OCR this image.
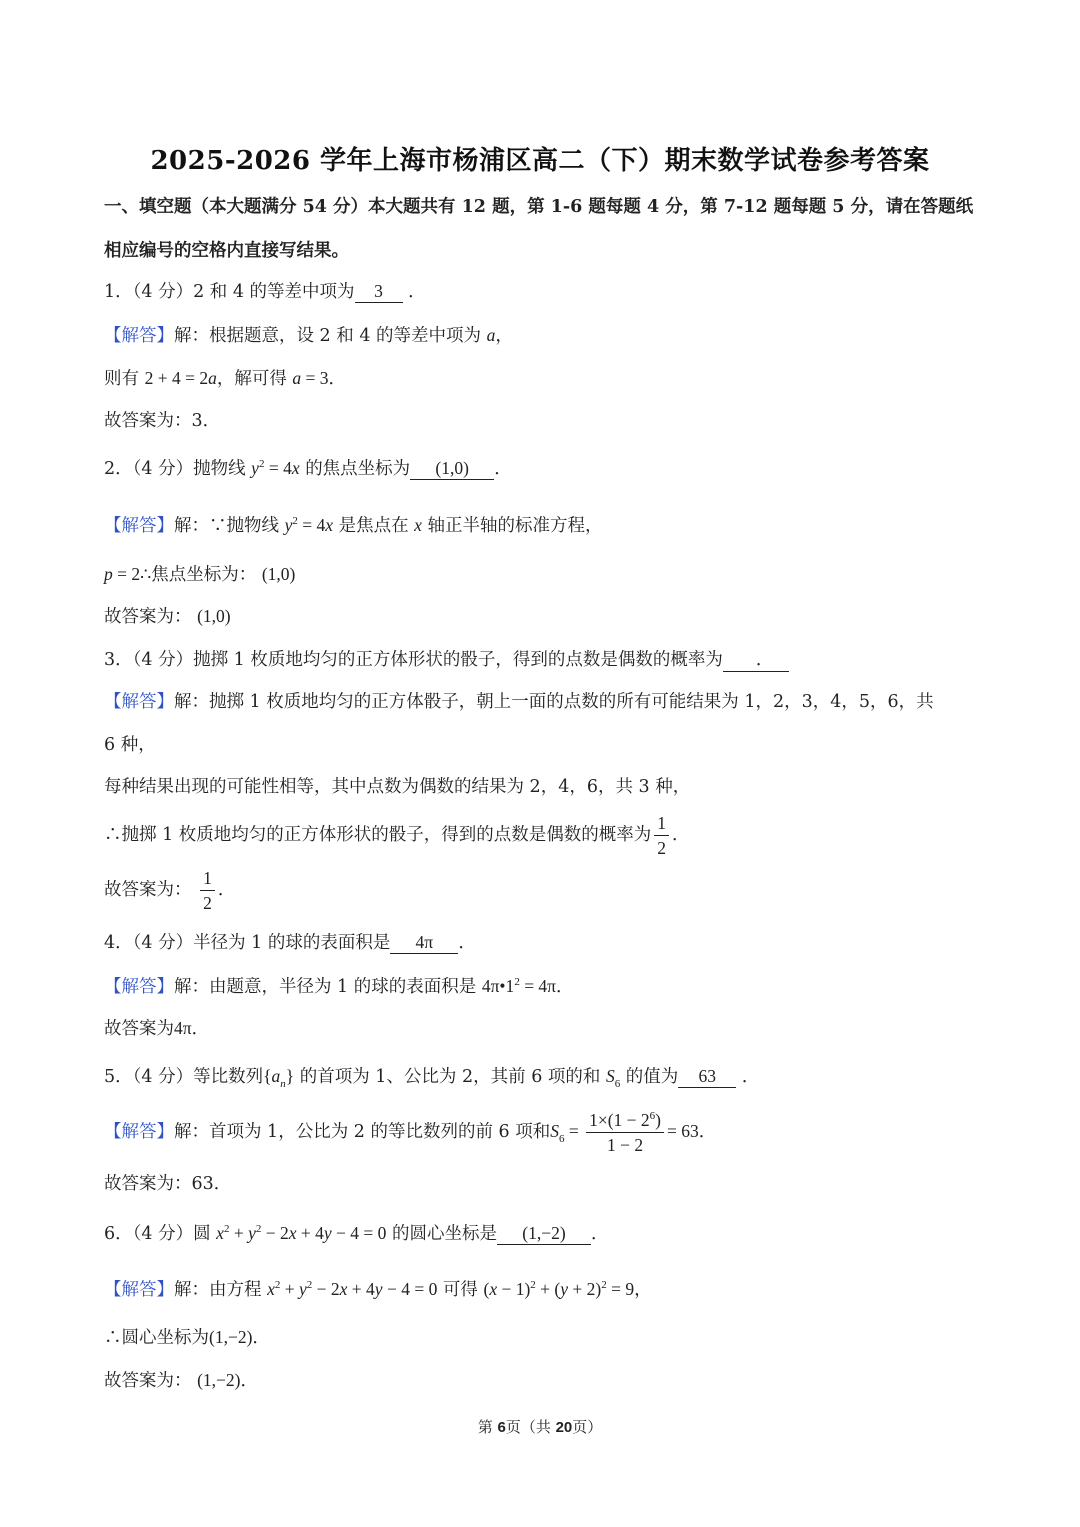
2025-2026 学年上海市杨浦区高二（下）期末数学试卷参考答案
一、填空题（本大题满分 54 分）本大题共有 12 题，第 1-6 题每题 4 分，第 7-12 题每题 5 分，请在答题纸
相应编号的空格内直接写结果。
1．（4 分）2 和 4 的等差中项为 3 ．
【解答】解：根据题意，设 2 和 4 的等差中项为 a，
则有 2 + 4 = 2a，解可得 a = 3．
故答案为：3．
2．（4 分）抛物线 $y^2 = 4x$ 的焦点坐标为 (1,0) ．
【解答】解：∵抛物线 $y^2 = 4x$ 是焦点在 x 轴正半轴的标准方程，
p = 2∴焦点坐标为： (1,0)
故答案为： (1,0)
3．（4 分）抛掷 1 枚质地均匀的正方体形状的骰子，得到的点数是偶数的概率为　．
【解答】解：抛掷 1 枚质地均匀的正方体骰子，朝上一面的点数的所有可能结果为 1，2，3，4，5，6，共
6 种，
每种结果出现的可能性相等，其中点数为偶数的结果为 2，4，6，共 3 种，
∴抛掷 1 枚质地均匀的正方体形状的骰子，得到的点数是偶数的概率为 $\frac{1}{2}$ ．
故答案为： $\frac{1}{2}$ ．
4．（4 分）半径为 1 的球的表面积是 4π ．
【解答】解：由题意，半径为 1 的球的表面积是 $4\pi•1^2 = 4\pi$．
故答案为4π．
5．（4 分）等比数列$\{a_n\}$ 的首项为 1、公比为 2，其前 6 项的和 $S_6$ 的值为 63 ．
【解答】解：首项为 1，公比为 2 的等比数列的前 6 项和$S_6 = \frac{1\times(1 - 2^6)}{1 - 2} = 63$．
故答案为：63．
6．（4 分）圆 $x^2 + y^2 - 2x + 4y - 4 = 0$ 的圆心坐标是 (1,−2) ．
【解答】解：由方程 $x^2 + y^2 - 2x + 4y - 4 = 0$ 可得 $(x - 1)^2 + (y + 2)^2 = 9$，
∴圆心坐标为(1,−2)．
故答案为： (1,−2)．
第 6页（共 20页）
